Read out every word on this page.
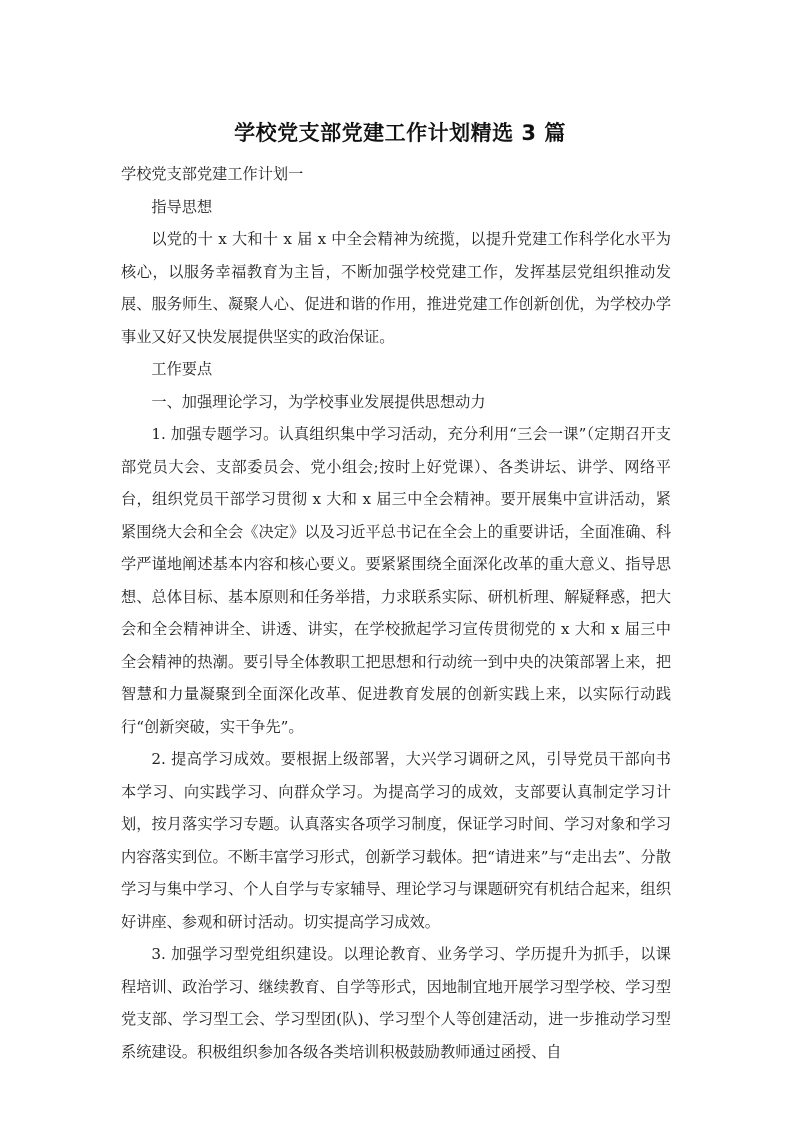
学校党支部党建工作计划精选 3 篇

学校党支部党建工作计划一

指导思想

以党的十 x 大和十 x 届 x 中全会精神为统揽，以提升党建工作科学化水平为核心，以服务幸福教育为主旨，不断加强学校党建工作，发挥基层党组织推动发展、服务师生、凝聚人心、促进和谐的作用，推进党建工作创新创优，为学校办学事业又好又快发展提供坚实的政治保证。

工作要点

一、加强理论学习，为学校事业发展提供思想动力

1. 加强专题学习。认真组织集中学习活动，充分利用“三会一课”（定期召开支部党员大会、支部委员会、党小组会;按时上好党课）、各类讲坛、讲学、网络平台，组织党员干部学习贯彻 x 大和 x 届三中全会精神。要开展集中宣讲活动，紧紧围绕大会和全会《决定》以及习近平总书记在全会上的重要讲话，全面准确、科学严谨地阐述基本内容和核心要义。要紧紧围绕全面深化改革的重大意义、指导思想、总体目标、基本原则和任务举措，力求联系实际、研机析理、解疑释惑，把大会和全会精神讲全、讲透、讲实，在学校掀起学习宣传贯彻党的 x 大和 x 届三中全会精神的热潮。要引导全体教职工把思想和行动统一到中央的决策部署上来，把智慧和力量凝聚到全面深化改革、促进教育发展的创新实践上来，以实际行动践行“创新突破，实干争先”。

2. 提高学习成效。要根据上级部署，大兴学习调研之风，引导党员干部向书本学习、向实践学习、向群众学习。为提高学习的成效，支部要认真制定学习计划，按月落实学习专题。认真落实各项学习制度，保证学习时间、学习对象和学习内容落实到位。不断丰富学习形式，创新学习载体。把“请进来”与“走出去”、分散学习与集中学习、个人自学与专家辅导、理论学习与课题研究有机结合起来，组织好讲座、参观和研讨活动。切实提高学习成效。

3. 加强学习型党组织建设。以理论教育、业务学习、学历提升为抓手，以课程培训、政治学习、继续教育、自学等形式，因地制宜地开展学习型学校、学习型党支部、学习型工会、学习型团(队)、学习型个人等创建活动，进一步推动学习型系统建设。积极组织参加各级各类培训积极鼓励教师通过函授、自
